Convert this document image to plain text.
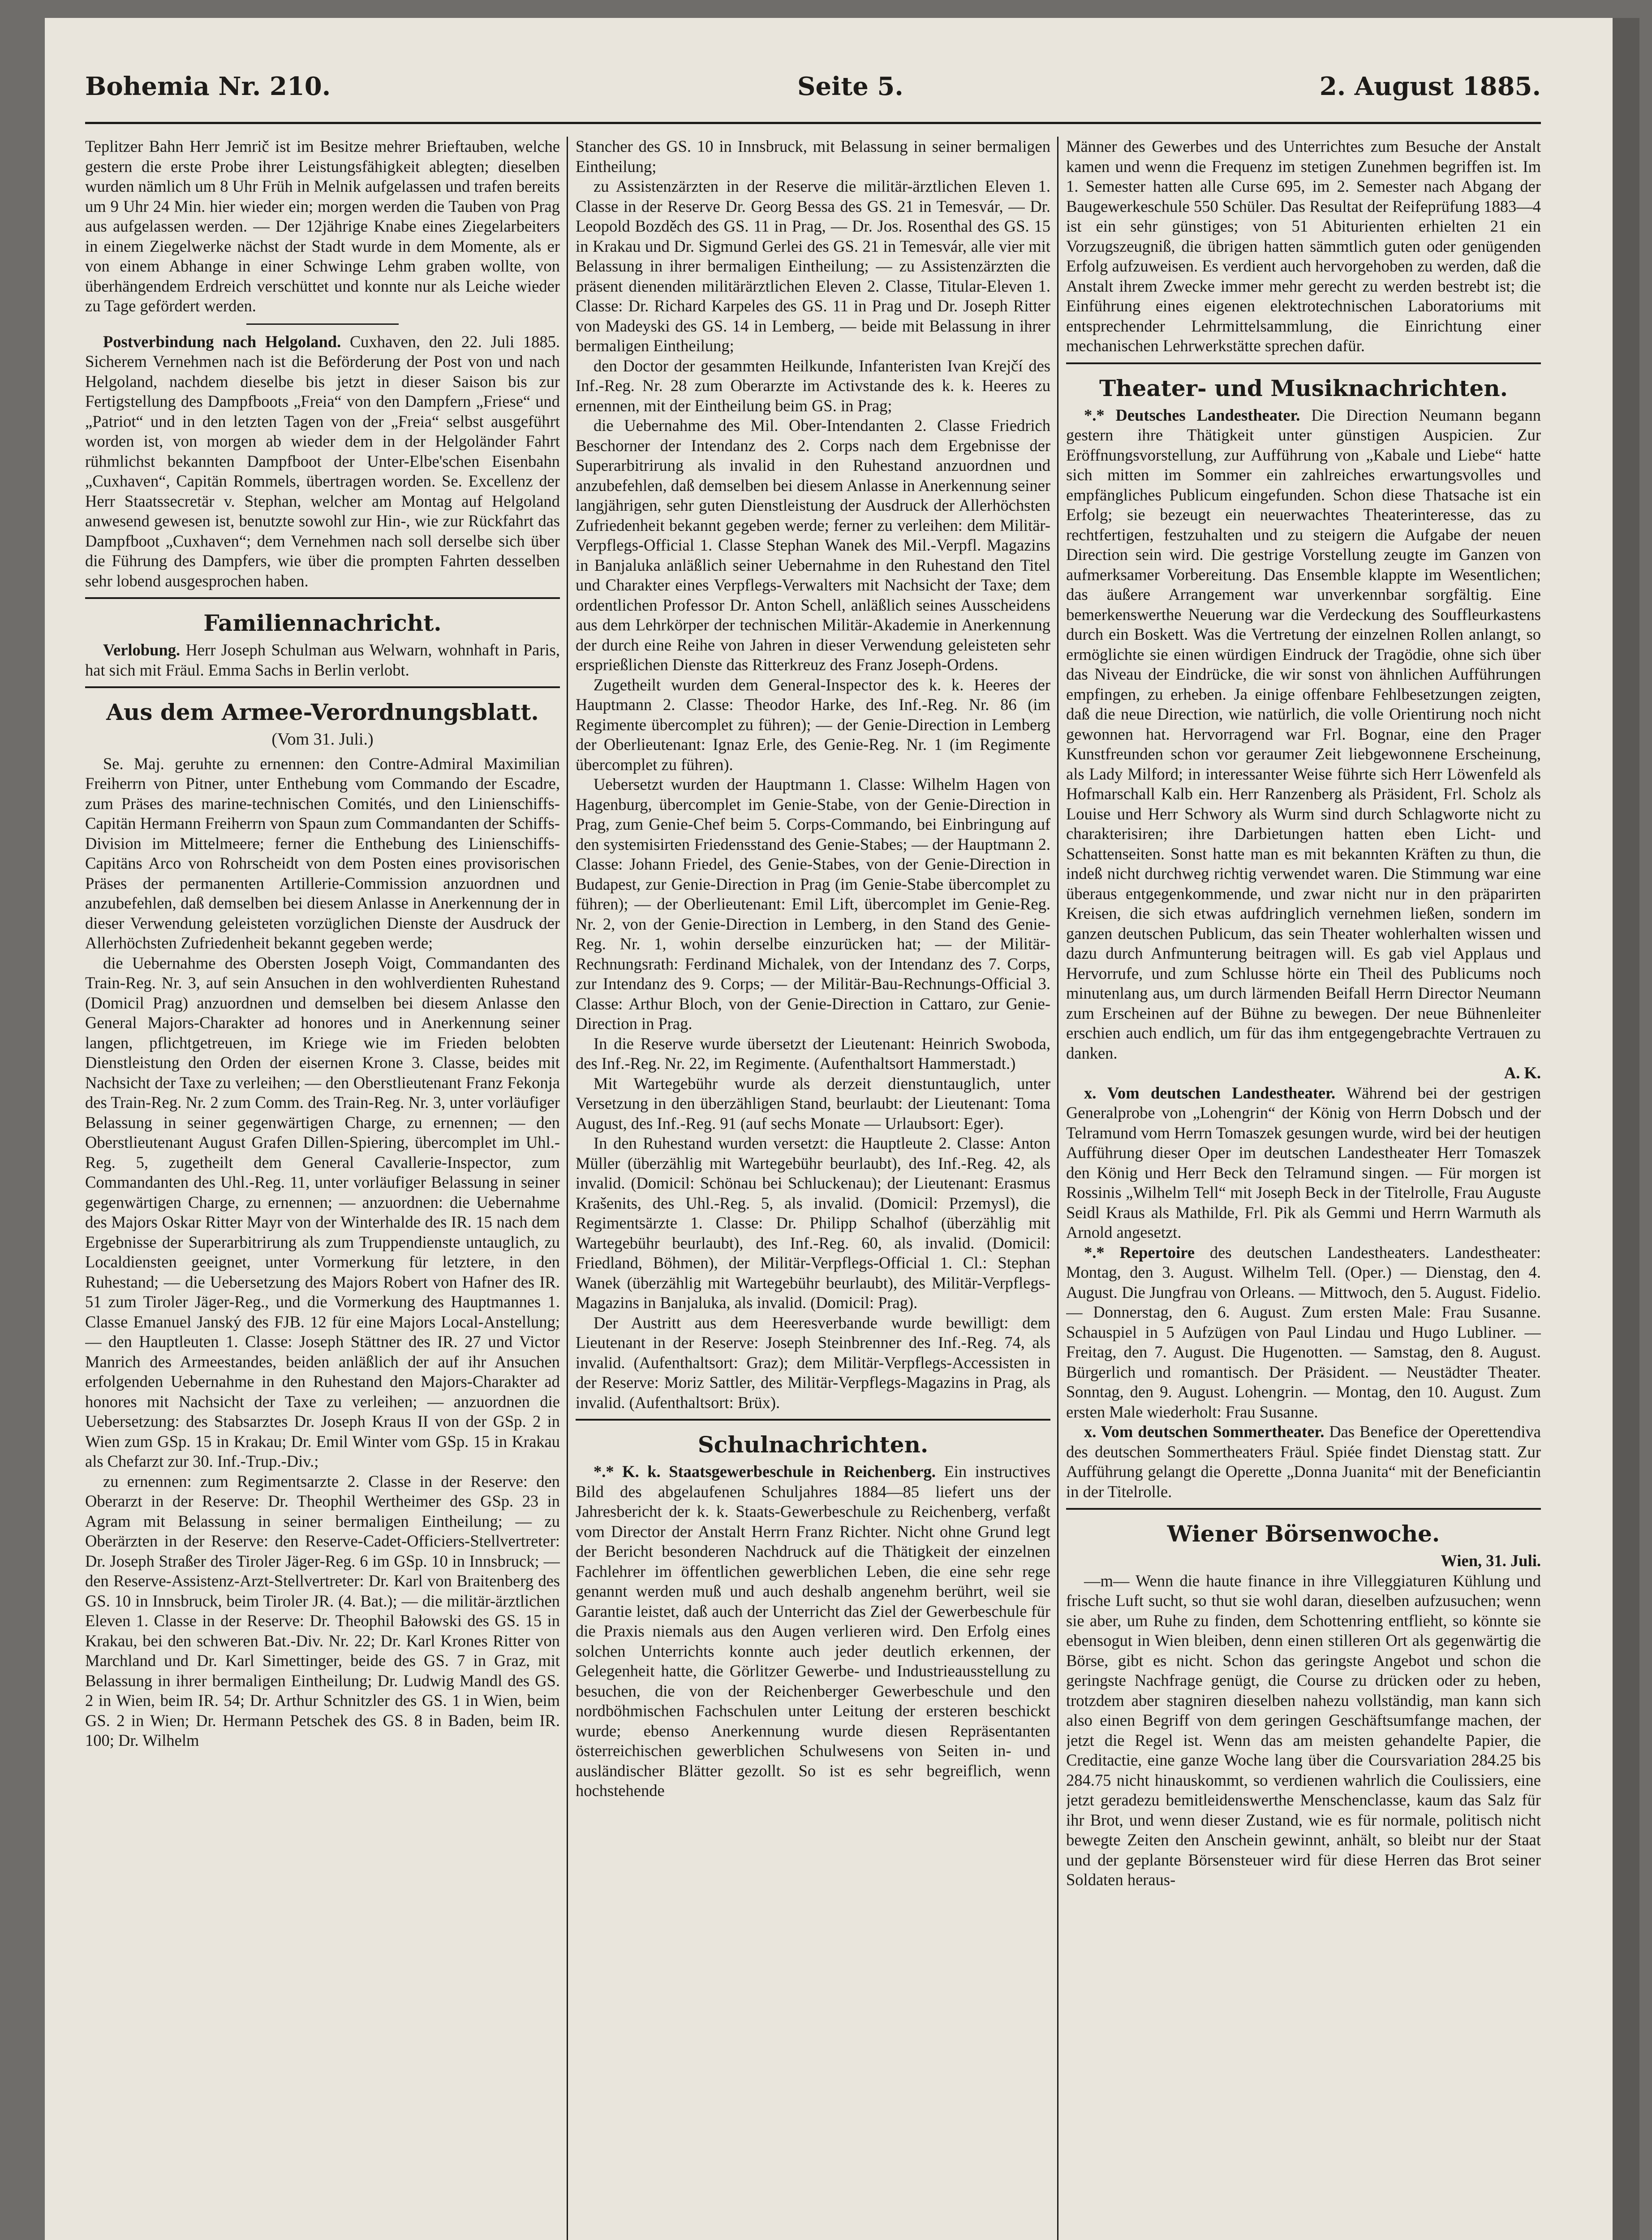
Bohemia Nr. 210.	Seite 5.	2. August 1885.

Teplitzer Bahn Herr Jemrič ist im Besitze mehrer Brieftauben, welche gestern die erste Probe ihrer Leistungsfähigkeit ablegten; dieselben wurden nämlich um 8 Uhr Früh in Melnik aufgelassen und trafen bereits um 9 Uhr 24 Min. hier wieder ein; morgen werden die Tauben von Prag aus aufgelassen werden. — Der 12jährige Knabe eines Ziegelarbeiters in einem Ziegelwerke nächst der Stadt wurde in dem Momente, als er von einem Abhange in einer Schwinge Lehm graben wollte, von überhängendem Erdreich verschüttet und konnte nur als Leiche wieder zu Tage gefördert werden.

Postverbindung nach Helgoland. Cuxhaven, den 22. Juli 1885. Sicherem Vernehmen nach ist die Beförderung der Post von und nach Helgoland, nachdem dieselbe bis jetzt in dieser Saison bis zur Fertigstellung des Dampfboots „Freia“ von den Dampfern „Friese“ und „Patriot“ und in den letzten Tagen von der „Freia“ selbst ausgeführt worden ist, von morgen ab wieder dem in der Helgoländer Fahrt rühmlichst bekannten Dampfboot der Unter-Elbe'schen Eisenbahn „Cuxhaven“, Capitän Rommels, übertragen worden. Se. Excellenz der Herr Staatssecretär v. Stephan, welcher am Montag auf Helgoland anwesend gewesen ist, benutzte sowohl zur Hin-, wie zur Rückfahrt das Dampfboot „Cuxhaven“; dem Vernehmen nach soll derselbe sich über die Führung des Dampfers, wie über die prompten Fahrten desselben sehr lobend ausgesprochen haben.

Familiennachricht.

Verlobung. Herr Joseph Schulman aus Welwarn, wohnhaft in Paris, hat sich mit Fräul. Emma Sachs in Berlin verlobt.

Aus dem Armee-Verordnungsblatt.
(Vom 31. Juli.)

Se. Maj. geruhte zu ernennen: den Contre-Admiral Maximilian Freiherrn von Pitner, unter Enthebung vom Commando der Escadre, zum Präses des marine-technischen Comités, und den Linienschiffs-Capitän Hermann Freiherrn von Spaun zum Commandanten der Schiffs-Division im Mittelmeere; ferner die Enthebung des Linienschiffs-Capitäns Arco von Rohrscheidt von dem Posten eines provisorischen Präses der permanenten Artillerie-Commission anzuordnen und anzubefehlen, daß demselben bei diesem Anlasse in Anerkennung der in dieser Verwendung geleisteten vorzüglichen Dienste der Ausdruck der Allerhöchsten Zufriedenheit bekannt gegeben werde;

die Uebernahme des Obersten Joseph Voigt, Commandanten des Train-Reg. Nr. 3, auf sein Ansuchen in den wohlverdienten Ruhestand (Domicil Prag) anzuordnen und demselben bei diesem Anlasse den General Majors-Charakter ad honores und in Anerkennung seiner langen, pflichtgetreuen, im Kriege wie im Frieden belobten Dienstleistung den Orden der eisernen Krone 3. Classe, beides mit Nachsicht der Taxe zu verleihen; — den Oberstlieutenant Franz Fekonja des Train-Reg. Nr. 2 zum Comm. des Train-Reg. Nr. 3, unter vorläufiger Belassung in seiner gegenwärtigen Charge, zu ernennen; — den Oberstlieutenant August Grafen Dillen-Spiering, übercomplet im Uhl.-Reg. 5, zugetheilt dem General Cavallerie-Inspector, zum Commandanten des Uhl.-Reg. 11, unter vorläufiger Belassung in seiner gegenwärtigen Charge, zu ernennen; — anzuordnen: die Uebernahme des Majors Oskar Ritter Mayr von der Winterhalde des IR. 15 nach dem Ergebnisse der Superarbitrirung als zum Truppendienste untauglich, zu Localdiensten geeignet, unter Vormerkung für letztere, in den Ruhestand; — die Uebersetzung des Majors Robert von Hafner des IR. 51 zum Tiroler Jäger-Reg., und die Vormerkung des Hauptmannes 1. Classe Emanuel Janský des FJB. 12 für eine Majors Local-Anstellung; — den Hauptleuten 1. Classe: Joseph Stättner des IR. 27 und Victor Manrich des Armeestandes, beiden anläßlich der auf ihr Ansuchen erfolgenden Uebernahme in den Ruhestand den Majors-Charakter ad honores mit Nachsicht der Taxe zu verleihen; — anzuordnen die Uebersetzung: des Stabsarztes Dr. Joseph Kraus II von der GSp. 2 in Wien zum GSp. 15 in Krakau; Dr. Emil Winter vom GSp. 15 in Krakau als Chefarzt zur 30. Inf.-Trup.-Div.;

zu ernennen: zum Regimentsarzte 2. Classe in der Reserve: den Oberarzt in der Reserve: Dr. Theophil Wertheimer des GSp. 23 in Agram mit Belassung in seiner bermaligen Eintheilung; — zu Oberärzten in der Reserve: den Reserve-Cadet-Officiers-Stellvertreter: Dr. Joseph Straßer des Tiroler Jäger-Reg. 6 im GSp. 10 in Innsbruck; — den Reserve-Assistenz-Arzt-Stellvertreter: Dr. Karl von Braitenberg des GS. 10 in Innsbruck, beim Tiroler JR. (4. Bat.); — die militär-ärztlichen Eleven 1. Classe in der Reserve: Dr. Theophil Bałowski des GS. 15 in Krakau, bei den schweren Bat.-Div. Nr. 22; Dr. Karl Krones Ritter von Marchland und Dr. Karl Simettinger, beide des GS. 7 in Graz, mit Belassung in ihrer bermaligen Eintheilung; Dr. Ludwig Mandl des GS. 2 in Wien, beim IR. 54; Dr. Arthur Schnitzler des GS. 1 in Wien, beim GS. 2 in Wien; Dr. Hermann Petschek des GS. 8 in Baden, beim IR. 100; Dr. Wilhelm

Stancher des GS. 10 in Innsbruck, mit Belassung in seiner bermaligen Eintheilung;

zu Assistenzärzten in der Reserve die militär-ärztlichen Eleven 1. Classe in der Reserve Dr. Georg Bessa des GS. 21 in Temesvár, — Dr. Leopold Bozděch des GS. 11 in Prag, — Dr. Jos. Rosenthal des GS. 15 in Krakau und Dr. Sigmund Gerlei des GS. 21 in Temesvár, alle vier mit Belassung in ihrer bermaligen Eintheilung; — zu Assistenzärzten die präsent dienenden militärärztlichen Eleven 2. Classe, Titular-Eleven 1. Classe: Dr. Richard Karpeles des GS. 11 in Prag und Dr. Joseph Ritter von Madeyski des GS. 14 in Lemberg, — beide mit Belassung in ihrer bermaligen Eintheilung;

den Doctor der gesammten Heilkunde, Infanteristen Ivan Krejčí des Inf.-Reg. Nr. 28 zum Oberarzte im Activstande des k. k. Heeres zu ernennen, mit der Eintheilung beim GS. in Prag;

die Uebernahme des Mil. Ober-Intendanten 2. Classe Friedrich Beschorner der Intendanz des 2. Corps nach dem Ergebnisse der Superarbitrirung als invalid in den Ruhestand anzuordnen und anzubefehlen, daß demselben bei diesem Anlasse in Anerkennung seiner langjährigen, sehr guten Dienstleistung der Ausdruck der Allerhöchsten Zufriedenheit bekannt gegeben werde; ferner zu verleihen: dem Militär-Verpflegs-Official 1. Classe Stephan Wanek des Mil.-Verpfl. Magazins in Banjaluka anläßlich seiner Uebernahme in den Ruhestand den Titel und Charakter eines Verpflegs-Verwalters mit Nachsicht der Taxe; dem ordentlichen Professor Dr. Anton Schell, anläßlich seines Ausscheidens aus dem Lehrkörper der technischen Militär-Akademie in Anerkennung der durch eine Reihe von Jahren in dieser Verwendung geleisteten sehr ersprießlichen Dienste das Ritterkreuz des Franz Joseph-Ordens.

Zugetheilt wurden dem General-Inspector des k. k. Heeres der Hauptmann 2. Classe: Theodor Harke, des Inf.-Reg. Nr. 86 (im Regimente übercomplet zu führen); — der Genie-Direction in Lemberg der Oberlieutenant: Ignaz Erle, des Genie-Reg. Nr. 1 (im Regimente übercomplet zu führen).

Uebersetzt wurden der Hauptmann 1. Classe: Wilhelm Hagen von Hagenburg, übercomplet im Genie-Stabe, von der Genie-Direction in Prag, zum Genie-Chef beim 5. Corps-Commando, bei Einbringung auf den systemisirten Friedensstand des Genie-Stabes; — der Hauptmann 2. Classe: Johann Friedel, des Genie-Stabes, von der Genie-Direction in Budapest, zur Genie-Direction in Prag (im Genie-Stabe übercomplet zu führen); — der Oberlieutenant: Emil Lift, übercomplet im Genie-Reg. Nr. 2, von der Genie-Direction in Lemberg, in den Stand des Genie-Reg. Nr. 1, wohin derselbe einzurücken hat; — der Militär-Rechnungsrath: Ferdinand Michalek, von der Intendanz des 7. Corps, zur Intendanz des 9. Corps; — der Militär-Bau-Rechnungs-Official 3. Classe: Arthur Bloch, von der Genie-Direction in Cattaro, zur Genie-Direction in Prag.

In die Reserve wurde übersetzt der Lieutenant: Heinrich Swoboda, des Inf.-Reg. Nr. 22, im Regimente. (Aufenthaltsort Hammerstadt.)

Mit Wartegebühr wurde als derzeit dienstuntauglich, unter Versetzung in den überzähligen Stand, beurlaubt: der Lieutenant: Toma August, des Inf.-Reg. 91 (auf sechs Monate — Urlaubsort: Eger).

In den Ruhestand wurden versetzt: die Hauptleute 2. Classe: Anton Müller (überzählig mit Wartegebühr beurlaubt), des Inf.-Reg. 42, als invalid. (Domicil: Schönau bei Schluckenau); der Lieutenant: Erasmus Krašenits, des Uhl.-Reg. 5, als invalid. (Domicil: Przemysl), die Regimentsärzte 1. Classe: Dr. Philipp Schalhof (überzählig mit Wartegebühr beurlaubt), des Inf.-Reg. 60, als invalid. (Domicil: Friedland, Böhmen), der Militär-Verpflegs-Official 1. Cl.: Stephan Wanek (überzählig mit Wartegebühr beurlaubt), des Militär-Verpflegs-Magazins in Banjaluka, als invalid. (Domicil: Prag).

Der Austritt aus dem Heeresverbande wurde bewilligt: dem Lieutenant in der Reserve: Joseph Steinbrenner des Inf.-Reg. 74, als invalid. (Aufenthaltsort: Graz); dem Militär-Verpflegs-Accessisten in der Reserve: Moriz Sattler, des Militär-Verpflegs-Magazins in Prag, als invalid. (Aufenthaltsort: Brüx).

Schulnachrichten.

*.* K. k. Staatsgewerbeschule in Reichenberg. Ein instructives Bild des abgelaufenen Schuljahres 1884—85 liefert uns der Jahresbericht der k. k. Staats-Gewerbeschule zu Reichenberg, verfaßt vom Director der Anstalt Herrn Franz Richter. Nicht ohne Grund legt der Bericht besonderen Nachdruck auf die Thätigkeit der einzelnen Fachlehrer im öffentlichen gewerblichen Leben, die eine sehr rege genannt werden muß und auch deshalb angenehm berührt, weil sie Garantie leistet, daß auch der Unterricht das Ziel der Gewerbeschule für die Praxis niemals aus den Augen verlieren wird. Den Erfolg eines solchen Unterrichts konnte auch jeder deutlich erkennen, der Gelegenheit hatte, die Görlitzer Gewerbe- und Industrieausstellung zu besuchen, die von der Reichenberger Gewerbeschule und den nordböhmischen Fachschulen unter Leitung der ersteren beschickt wurde; ebenso Anerkennung wurde diesen Repräsentanten österreichischen gewerblichen Schulwesens von Seiten in- und ausländischer Blätter gezollt. So ist es sehr begreiflich, wenn hochstehende

Männer des Gewerbes und des Unterrichtes zum Besuche der Anstalt kamen und wenn die Frequenz im stetigen Zunehmen begriffen ist. Im 1. Semester hatten alle Curse 695, im 2. Semester nach Abgang der Baugewerkeschule 550 Schüler. Das Resultat der Reifeprüfung 1883—4 ist ein sehr günstiges; von 51 Abiturienten erhielten 21 ein Vorzugszeugniß, die übrigen hatten sämmtlich guten oder genügenden Erfolg aufzuweisen. Es verdient auch hervorgehoben zu werden, daß die Anstalt ihrem Zwecke immer mehr gerecht zu werden bestrebt ist; die Einführung eines eigenen elektrotechnischen Laboratoriums mit entsprechender Lehrmittelsammlung, die Einrichtung einer mechanischen Lehrwerkstätte sprechen dafür.

Theater- und Musiknachrichten.

*.* Deutsches Landestheater. Die Direction Neumann begann gestern ihre Thätigkeit unter günstigen Auspicien. Zur Eröffnungsvorstellung, zur Aufführung von „Kabale und Liebe“ hatte sich mitten im Sommer ein zahlreiches erwartungsvolles und empfängliches Publicum eingefunden. Schon diese Thatsache ist ein Erfolg; sie bezeugt ein neuerwachtes Theaterinteresse, das zu rechtfertigen, festzuhalten und zu steigern die Aufgabe der neuen Direction sein wird. Die gestrige Vorstellung zeugte im Ganzen von aufmerksamer Vorbereitung. Das Ensemble klappte im Wesentlichen; das äußere Arrangement war unverkennbar sorgfältig. Eine bemerkenswerthe Neuerung war die Verdeckung des Souffleurkastens durch ein Boskett. Was die Vertretung der einzelnen Rollen anlangt, so ermöglichte sie einen würdigen Eindruck der Tragödie, ohne sich über das Niveau der Eindrücke, die wir sonst von ähnlichen Aufführungen empfingen, zu erheben. Ja einige offenbare Fehlbesetzungen zeigten, daß die neue Direction, wie natürlich, die volle Orientirung noch nicht gewonnen hat. Hervorragend war Frl. Bognar, eine den Prager Kunstfreunden schon vor geraumer Zeit liebgewonnene Erscheinung, als Lady Milford; in interessanter Weise führte sich Herr Löwenfeld als Hofmarschall Kalb ein. Herr Ranzenberg als Präsident, Frl. Scholz als Louise und Herr Schwory als Wurm sind durch Schlagworte nicht zu charakterisiren; ihre Darbietungen hatten eben Licht- und Schattenseiten. Sonst hatte man es mit bekannten Kräften zu thun, die indeß nicht durchweg richtig verwendet waren. Die Stimmung war eine überaus entgegenkommende, und zwar nicht nur in den präparirten Kreisen, die sich etwas aufdringlich vernehmen ließen, sondern im ganzen deutschen Publicum, das sein Theater wohlerhalten wissen und dazu durch Anfmunterung beitragen will. Es gab viel Applaus und Hervorrufe, und zum Schlusse hörte ein Theil des Publicums noch minutenlang aus, um durch lärmenden Beifall Herrn Director Neumann zum Erscheinen auf der Bühne zu bewegen. Der neue Bühnenleiter erschien auch endlich, um für das ihm entgegengebrachte Vertrauen zu danken.

A. K.

x. Vom deutschen Landestheater. Während bei der gestrigen Generalprobe von „Lohengrin“ der König von Herrn Dobsch und der Telramund vom Herrn Tomaszek gesungen wurde, wird bei der heutigen Aufführung dieser Oper im deutschen Landestheater Herr Tomaszek den König und Herr Beck den Telramund singen. — Für morgen ist Rossinis „Wilhelm Tell“ mit Joseph Beck in der Titelrolle, Frau Auguste Seidl Kraus als Mathilde, Frl. Pik als Gemmi und Herrn Warmuth als Arnold angesetzt.

*.* Repertoire des deutschen Landestheaters. Landestheater: Montag, den 3. August. Wilhelm Tell. (Oper.) — Dienstag, den 4. August. Die Jungfrau von Orleans. — Mittwoch, den 5. August. Fidelio. — Donnerstag, den 6. August. Zum ersten Male: Frau Susanne. Schauspiel in 5 Aufzügen von Paul Lindau und Hugo Lubliner. — Freitag, den 7. August. Die Hugenotten. — Samstag, den 8. August. Bürgerlich und romantisch. Der Präsident. — Neustädter Theater. Sonntag, den 9. August. Lohengrin. — Montag, den 10. August. Zum ersten Male wiederholt: Frau Susanne.

x. Vom deutschen Sommertheater. Das Beneficе der Operettendiva des deutschen Sommertheaters Fräul. Spiée findet Dienstag statt. Zur Aufführung gelangt die Operette „Donna Juanita“ mit der Beneficiantin in der Titelrolle.

Wiener Börsenwoche.

Wien, 31. Juli.

—m— Wenn die haute finance in ihre Villeggiaturen Kühlung und frische Luft sucht, so thut sie wohl daran, dieselben aufzusuchen; wenn sie aber, um Ruhe zu finden, dem Schottenring entflieht, so könnte sie ebensogut in Wien bleiben, denn einen stilleren Ort als gegenwärtig die Börse, gibt es nicht. Schon das geringste Angebot und schon die geringste Nachfrage genügt, die Course zu drücken oder zu heben, trotzdem aber stagniren dieselben nahezu vollständig, man kann sich also einen Begriff von dem geringen Geschäftsumfange machen, der jetzt die Regel ist. Wenn das am meisten gehandelte Papier, die Creditactie, eine ganze Woche lang über die Coursvariation 284.25 bis 284.75 nicht hinauskommt, so verdienen wahrlich die Coulissiers, eine jetzt geradezu bemitleidenswerthe Menschenclasse, kaum das Salz für ihr Brot, und wenn dieser Zustand, wie es für normale, politisch nicht bewegte Zeiten den Anschein gewinnt, anhält, so bleibt nur der Staat und der geplante Börsensteuer wird für diese Herren das Brot seiner Soldaten heraus-
